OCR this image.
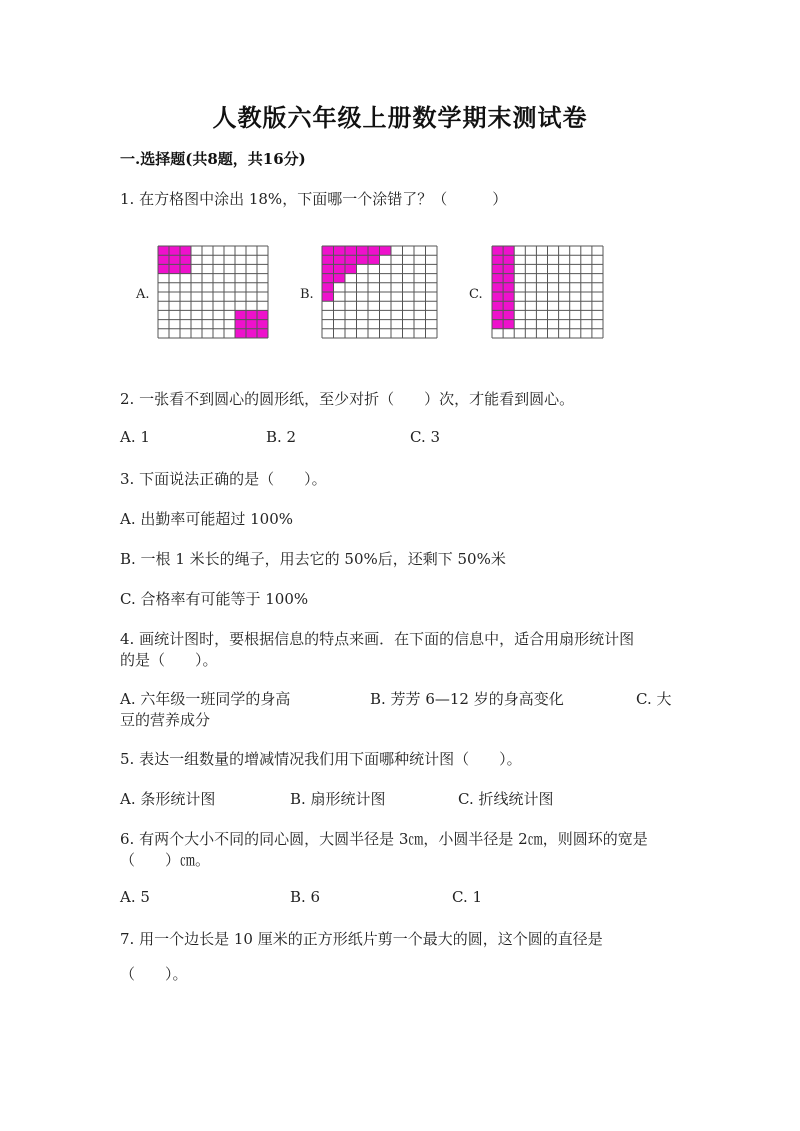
人教版六年级上册数学期末测试卷
一.选择题(共8题，共16分)
1. 在方格图中涂出 18%，下面哪一个涂错了？（　　　）
A.	B.	C.
2. 一张看不到圆心的圆形纸，至少对折（　　）次，才能看到圆心。
A. 1	B. 2	C. 3
3. 下面说法正确的是（　　）。
A. 出勤率可能超过 100%
B. 一根 1 米长的绳子，用去它的 50%后，还剩下 50%米
C. 合格率有可能等于 100%
4. 画统计图时，要根据信息的特点来画．在下面的信息中，适合用扇形统计图
的是（　　）。
A. 六年级一班同学的身高	B. 芳芳 6—12 岁的身高变化	C. 大
豆的营养成分
5. 表达一组数量的增减情况我们用下面哪种统计图（　　）。
A. 条形统计图	B. 扇形统计图	C. 折线统计图
6. 有两个大小不同的同心圆，大圆半径是 3㎝，小圆半径是 2㎝，则圆环的宽是
（　　）㎝。
A. 5	B. 6	C. 1
7. 用一个边长是 10 厘米的正方形纸片剪一个最大的圆，这个圆的直径是
（　　）。
